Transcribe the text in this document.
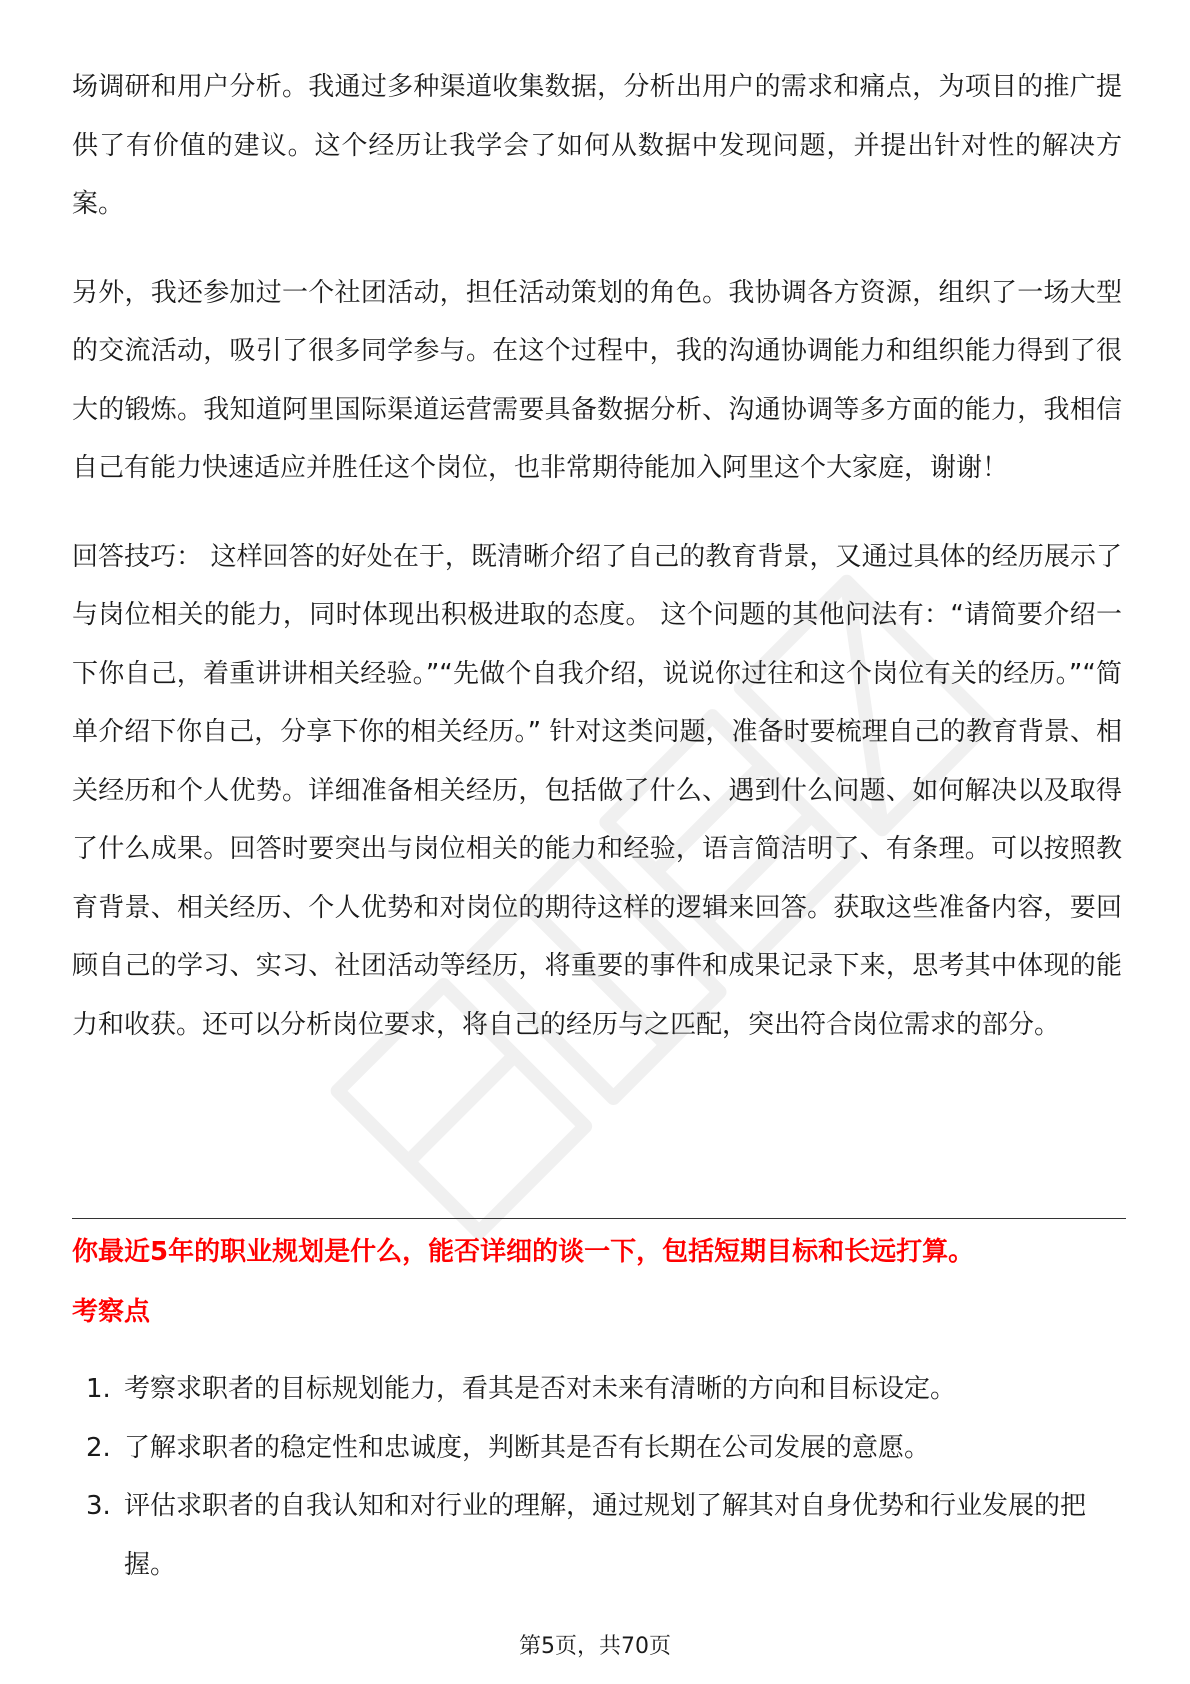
场调研和用户分析。我通过多种渠道收集数据，分析出用户的需求和痛点，为项目的推广提供了有价值的建议。这个经历让我学会了如何从数据中发现问题，并提出针对性的解决方案。

另外，我还参加过一个社团活动，担任活动策划的角色。我协调各方资源，组织了一场大型的交流活动，吸引了很多同学参与。在这个过程中，我的沟通协调能力和组织能力得到了很大的锻炼。我知道阿里国际渠道运营需要具备数据分析、沟通协调等多方面的能力，我相信自己有能力快速适应并胜任这个岗位，也非常期待能加入阿里这个大家庭，谢谢！

回答技巧： 这样回答的好处在于，既清晰介绍了自己的教育背景，又通过具体的经历展示了与岗位相关的能力，同时体现出积极进取的态度。 这个问题的其他问法有：“请简要介绍一下你自己，着重讲讲相关经验。”“先做个自我介绍，说说你过往和这个岗位有关的经历。”“简单介绍下你自己，分享下你的相关经历。” 针对这类问题，准备时要梳理自己的教育背景、相关经历和个人优势。详细准备相关经历，包括做了什么、遇到什么问题、如何解决以及取得了什么成果。回答时要突出与岗位相关的能力和经验，语言简洁明了、有条理。可以按照教育背景、相关经历、个人优势和对岗位的期待这样的逻辑来回答。获取这些准备内容，要回顾自己的学习、实习、社团活动等经历，将重要的事件和成果记录下来，思考其中体现的能力和收获。还可以分析岗位要求，将自己的经历与之匹配，突出符合岗位需求的部分。

你最近5年的职业规划是什么，能否详细的谈一下，包括短期目标和长远打算。

考察点

1. 考察求职者的目标规划能力，看其是否对未来有清晰的方向和目标设定。
2. 了解求职者的稳定性和忠诚度，判断其是否有长期在公司发展的意愿。
3. 评估求职者的自我认知和对行业的理解，通过规划了解其对自身优势和行业发展的把握。
第5页，共70页
